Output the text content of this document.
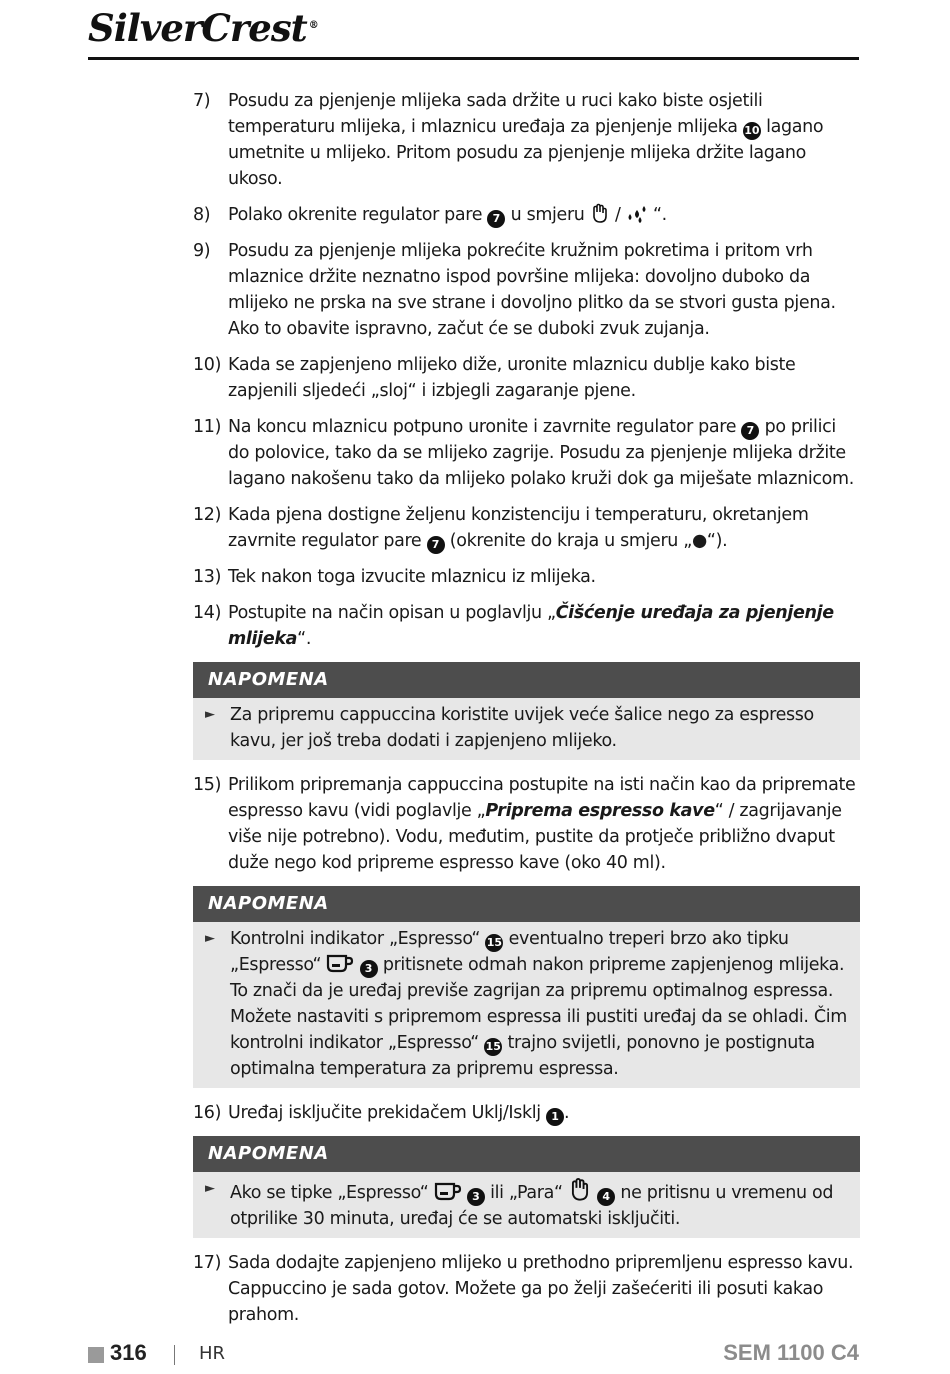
SilverCrest ®
7) Posudu za pjenjenje mlijeka sada držite u ruci kako biste osjetili temperaturu mlijeka, i mlaznicu uređaja za pjenjenje mlijeka 10 lagano umetnite u mlijeko. Pritom posudu za pjenjenje mlijeka držite lagano ukoso.
8) Polako okrenite regulator pare 7 u smjeru / “.
9) Posudu za pjenjenje mlijeka pokrećite kružnim pokretima i pritom vrh mlaznice držite neznatno ispod površine mlijeka: dovoljno duboko da mlijeko ne prska na sve strane i dovoljno plitko da se stvori gusta pjena. Ako to obavite ispravno, začut će se duboki zvuk zujanja.
10) Kada se zapjenjeno mlijeko diže, uronite mlaznicu dublje kako biste zapjenili sljedeći „sloj“ i izbjegli zagaranje pjene.
11) Na koncu mlaznicu potpuno uronite i zavrnite regulator pare 7 po prilici do polovice, tako da se mlijeko zagrije. Posudu za pjenjenje mlijeka držite lagano nakošenu tako da mlijeko polako kruži dok ga miješate mlaznicom.
12) Kada pjena dostigne željenu konzistenciju i temperaturu, okretanjem zavrnite regulator pare 7 (okrenite do kraja u smjeru „●“).
13) Tek nakon toga izvucite mlaznicu iz mlijeka.
14) Postupite na način opisan u poglavlju „Čišćenje uređaja za pjenjenje mlijeka“.
NAPOMENA
► Za pripremu cappuccina koristite uvijek veće šalice nego za espresso kavu, jer još treba dodati i zapjenjeno mlijeko.
15) Prilikom pripremanja cappuccina postupite na isti način kao da pripremate espresso kavu (vidi poglavlje „Priprema espresso kave“ / zagrijavanje više nije potrebno). Vodu, međutim, pustite da protječe približno dvaput duže nego kod pripreme espresso kave (oko 40 ml).
NAPOMENA
► Kontrolni indikator „Espresso“ 15 eventualno treperi brzo ako tipku „Espresso“	3 pritisnete odmah nakon pripreme zapjenjenog mlijeka. To znači da je uređaj previše zagrijan za pripremu optimalnog espressa. Možete nastaviti s pripremom espressa ili pustiti uređaj da se ohladi. Čim kontrolni indikator „Espresso“ 15 trajno svijetli, ponovno je postignuta optimalna temperatura za pripremu espressa.
16) Uređaj isključite prekidačem Uklj/Isklj 1 .
NAPOMENA
► Ako se tipke „Espresso“	3 ili „Para“	4 ne pritisnu u vremenu od otprilike 30 minuta, uređaj će se automatski isključiti.
17) Sada dodajte zapjenjeno mlijeko u prethodno pripremljenu espresso kavu. Cappuccino je sada gotov. Možete ga po želji zašećeriti ili posuti kakao prahom.
316	HR	SEM 1100 C4
